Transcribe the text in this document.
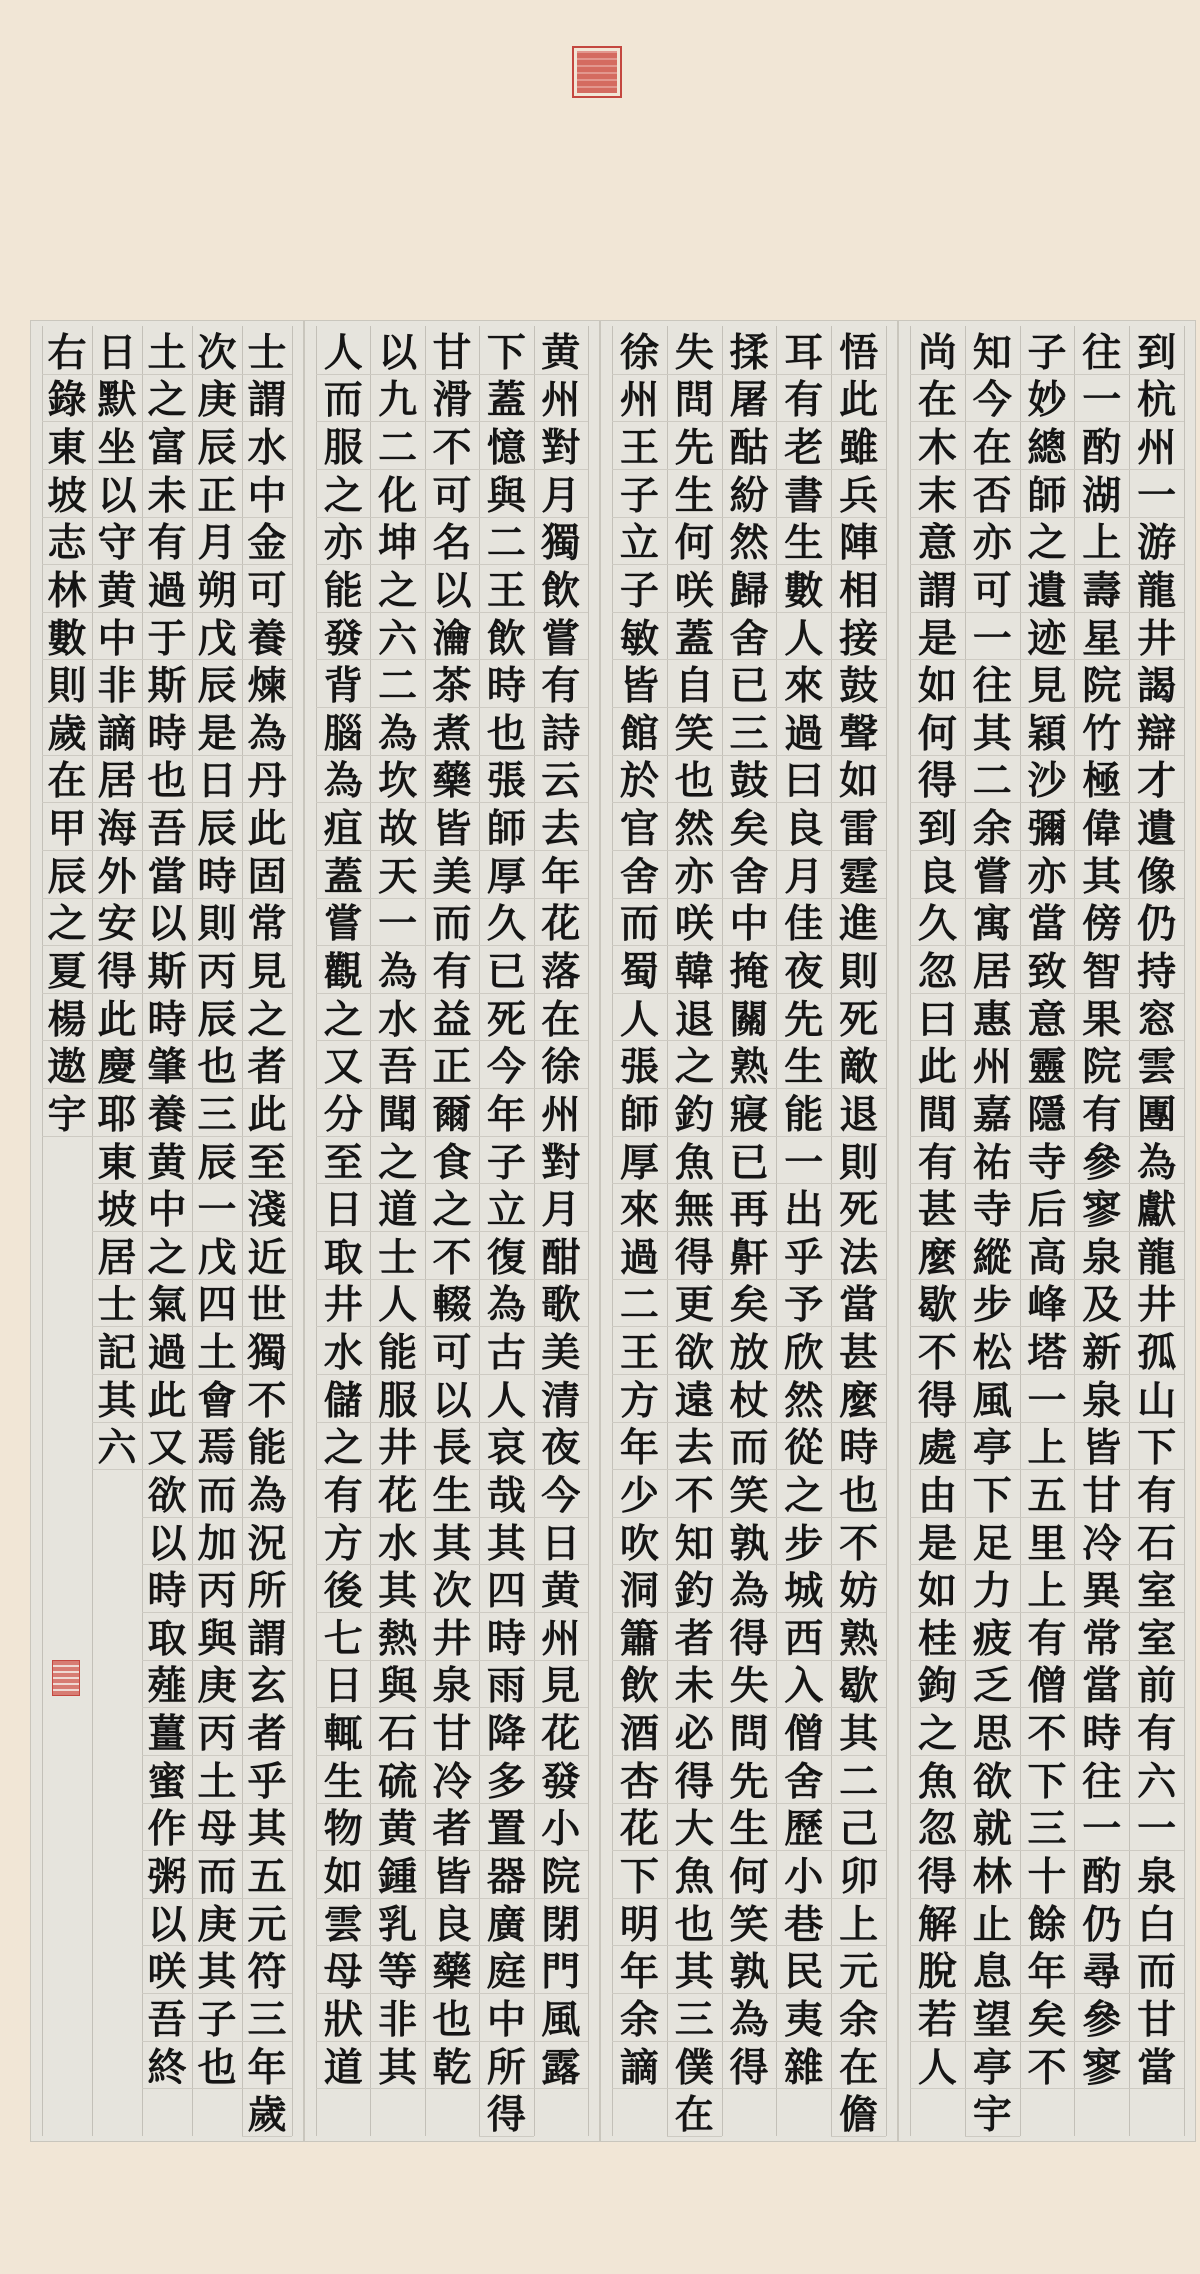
到
杭
州
一
游
龍
井
謁
辯
才
遺
像
仍
持
窓
雲
團
為
獻
龍
井
孤
山
下
有
石
室
室
前
有
六
一
泉
白
而
甘
當
往
一
酌
湖
上
壽
星
院
竹
極
偉
其
傍
智
果
院
有
參
寥
泉
及
新
泉
皆
甘
冷
異
常
當
時
往
一
酌
仍
尋
參
寥
子
妙
總
師
之
遺
迹
見
穎
沙
彌
亦
當
致
意
靈
隱
寺
后
高
峰
塔
一
上
五
里
上
有
僧
不
下
三
十
餘
年
矣
不
知
今
在
否
亦
可
一
往
其
二
余
嘗
寓
居
惠
州
嘉
祐
寺
縱
步
松
風
亭
下
足
力
疲
乏
思
欲
就
林
止
息
望
亭
宇
尚
在
木
末
意
謂
是
如
何
得
到
良
久
忽
曰
此
間
有
甚
麼
歇
不
得
處
由
是
如
桂
鉤
之
魚
忽
得
解
脫
若
人
悟
此
雖
兵
陣
相
接
鼓
聲
如
雷
霆
進
則
死
敵
退
則
死
法
當
甚
麼
時
也
不
妨
熟
歇
其
二
己
卯
上
元
余
在
儋
耳
有
老
書
生
數
人
來
過
曰
良
月
佳
夜
先
生
能
一
出
乎
予
欣
然
從
之
步
城
西
入
僧
舍
歷
小
巷
民
夷
雜
揉
屠
酤
紛
然
歸
舍
已
三
鼓
矣
舍
中
掩
關
熟
寢
已
再
鼾
矣
放
杖
而
笑
孰
為
得
失
問
先
生
何
笑
孰
為
得
失
問
先
生
何
咲
蓋
自
笑
也
然
亦
咲
韓
退
之
釣
魚
無
得
更
欲
遠
去
不
知
釣
者
未
必
得
大
魚
也
其
三
僕
在
徐
州
王
子
立
子
敏
皆
館
於
官
舍
而
蜀
人
張
師
厚
來
過
二
王
方
年
少
吹
洞
簫
飲
酒
杏
花
下
明
年
余
謫
黄
州
對
月
獨
飲
嘗
有
詩
云
去
年
花
落
在
徐
州
對
月
酣
歌
美
清
夜
今
日
黄
州
見
花
發
小
院
閉
門
風
露
下
蓋
憶
與
二
王
飲
時
也
張
師
厚
久
已
死
今
年
子
立
復
為
古
人
哀
哉
其
四
時
雨
降
多
置
器
廣
庭
中
所
得
甘
滑
不
可
名
以
瀹
茶
煮
藥
皆
美
而
有
益
正
爾
食
之
不
輟
可
以
長
生
其
次
井
泉
甘
冷
者
皆
良
藥
也
乾
以
九
二
化
坤
之
六
二
為
坎
故
天
一
為
水
吾
聞
之
道
士
人
能
服
井
花
水
其
熱
與
石
硫
黄
鍾
乳
等
非
其
人
而
服
之
亦
能
發
背
腦
為
疽
蓋
嘗
觀
之
又
分
至
日
取
井
水
儲
之
有
方
後
七
日
輒
生
物
如
雲
母
狀
道
士
謂
水
中
金
可
養
煉
為
丹
此
固
常
見
之
者
此
至
淺
近
世
獨
不
能
為
況
所
謂
玄
者
乎
其
五
元
符
三
年
歲
次
庚
辰
正
月
朔
戊
辰
是
日
辰
時
則
丙
辰
也
三
辰
一
戊
四
土
會
焉
而
加
丙
與
庚
丙
土
母
而
庚
其
子
也
土
之
富
未
有
過
于
斯
時
也
吾
當
以
斯
時
肇
養
黄
中
之
氣
過
此
又
欲
以
時
取
薤
薑
蜜
作
粥
以
咲
吾
終
日
默
坐
以
守
黄
中
非
謫
居
海
外
安
得
此
慶
耶
東
坡
居
士
記
其
六
右
錄
東
坡
志
林
數
則
歲
在
甲
辰
之
夏
楊
遨
宇
